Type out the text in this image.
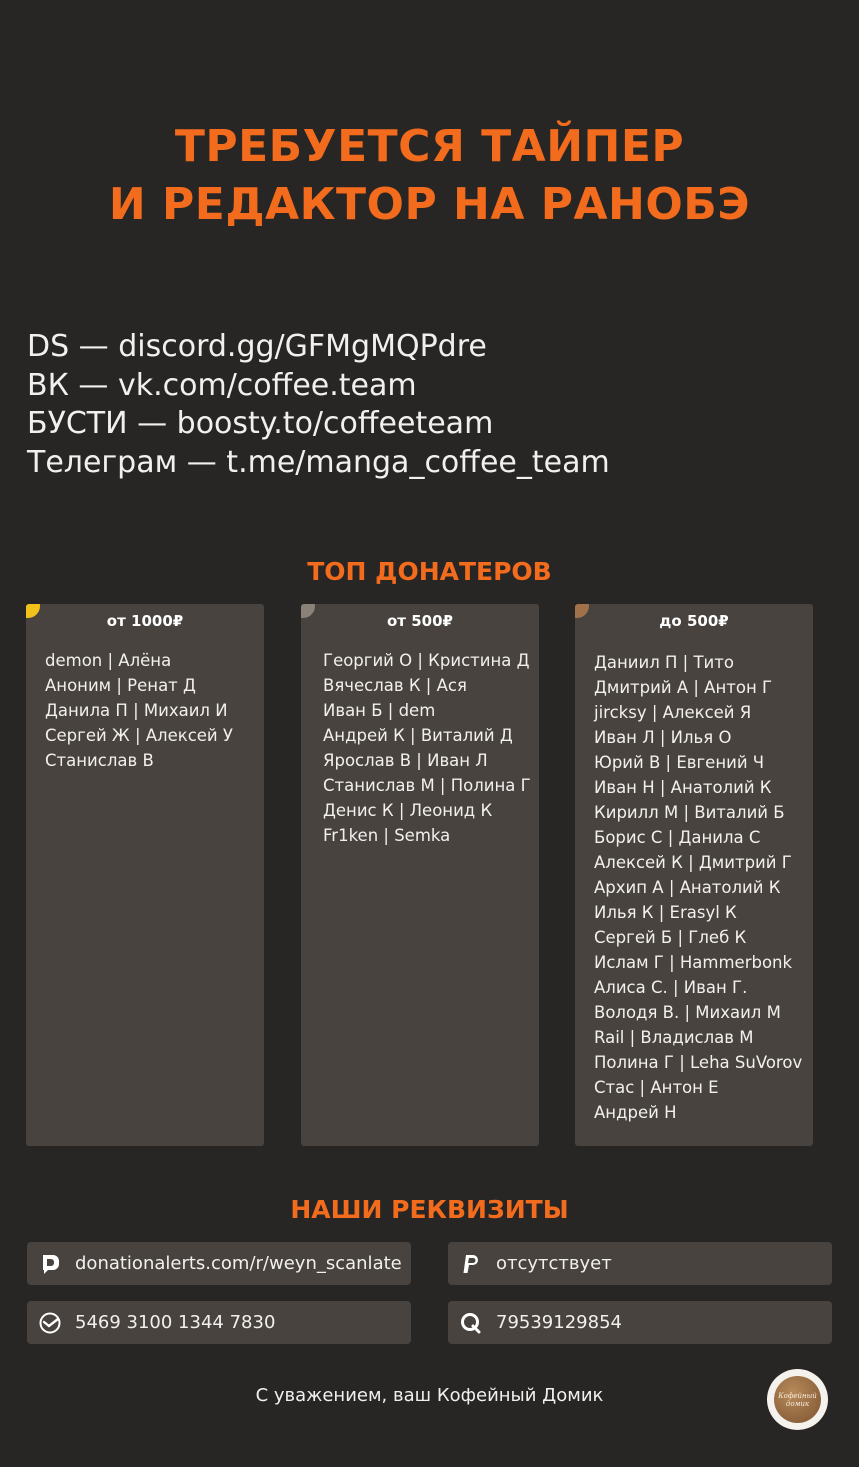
ТРЕБУЕТСЯ ТАЙПЕР
И РЕДАКТОР НА РАНОБЭ
DS — discord.gg/GFMgMQPdre
ВК — vk.com/coffee.team
БУСТИ — boosty.to/coffeeteam
Телеграм — t.me/manga_coffee_team
ТОП ДОНАТЕРОВ
от 1000₽
demon | Алёна
Аноним | Ренат Д
Данила П | Михаил И
Сергей Ж | Алексей У
Станислав В
от 500₽
Георгий О | Кристина Д
Вячеслав К | Ася
Иван Б | dem
Андрей К | Виталий Д
Ярослав В | Иван Л
Станислав М | Полина Г
Денис К | Леонид К
Fr1ken | Semka
до 500₽
Даниил П | Тито
Дмитрий А | Антон Г
jircksy | Алексей Я
Иван Л | Илья О
Юрий В | Евгений Ч
Иван Н | Анатолий К
Кирилл М | Виталий Б
Борис С | Данила С
Алексей К | Дмитрий Г
Архип А | Анатолий К
Илья К | Erasyl К
Сергей Б | Глеб К
Ислам Г | Hammerbonk
Алиса С. | Иван Г.
Володя В. | Михаил М
Rail | Владислав М
Полина Г | Leha SuVorov
Стас | Антон Е
Андрей Н
НАШИ РЕКВИЗИТЫ
donationalerts.com/r/weyn_scanlate	отсутствует
5469 3100 1344 7830	79539129854
С уважением, ваш Кофейный Домик	Кофейный
домик
